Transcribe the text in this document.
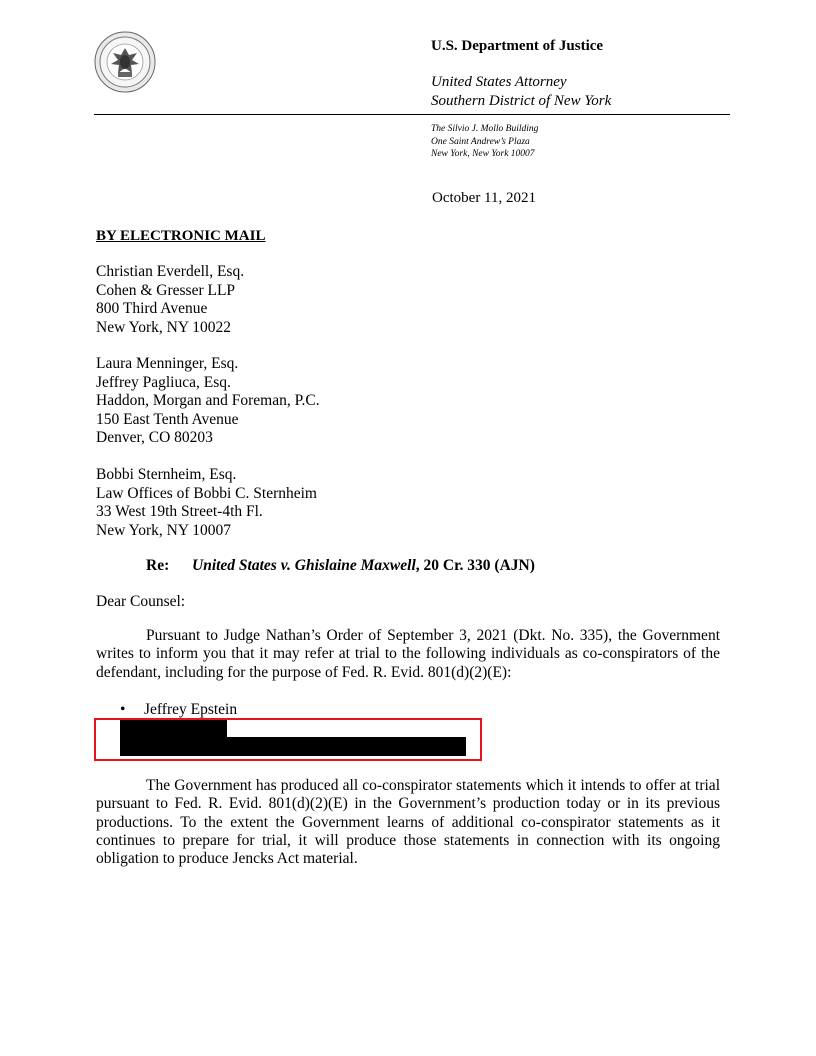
U.S. Department of Justice
United States Attorney
Southern District of New York
The Silvio J. Mollo Building
One Saint Andrew’s Plaza
New York, New York 10007
October 11, 2021
BY ELECTRONIC MAIL
Christian Everdell, Esq.
Cohen & Gresser LLP
800 Third Avenue
New York, NY 10022
Laura Menninger, Esq.
Jeffrey Pagliuca, Esq.
Haddon, Morgan and Foreman, P.C.
150 East Tenth Avenue
Denver, CO 80203
Bobbi Sternheim, Esq.
Law Offices of Bobbi C. Sternheim
33 West 19th Street-4th Fl.
New York, NY 10007
Re: United States v. Ghislaine Maxwell, 20 Cr. 330 (AJN)
Dear Counsel:

Pursuant to Judge Nathan’s Order of September 3, 2021 (Dkt. No. 335), the Government writes to inform you that it may refer at trial to the following individuals as co-conspirators of the defendant, including for the purpose of Fed. R. Evid. 801(d)(2)(E):

• Jeffrey Epstein

The Government has produced all co-conspirator statements which it intends to offer at trial pursuant to Fed. R. Evid. 801(d)(2)(E) in the Government’s production today or in its previous productions. To the extent the Government learns of additional co-conspirator statements as it continues to prepare for trial, it will produce those statements in connection with its ongoing obligation to produce Jencks Act material.
